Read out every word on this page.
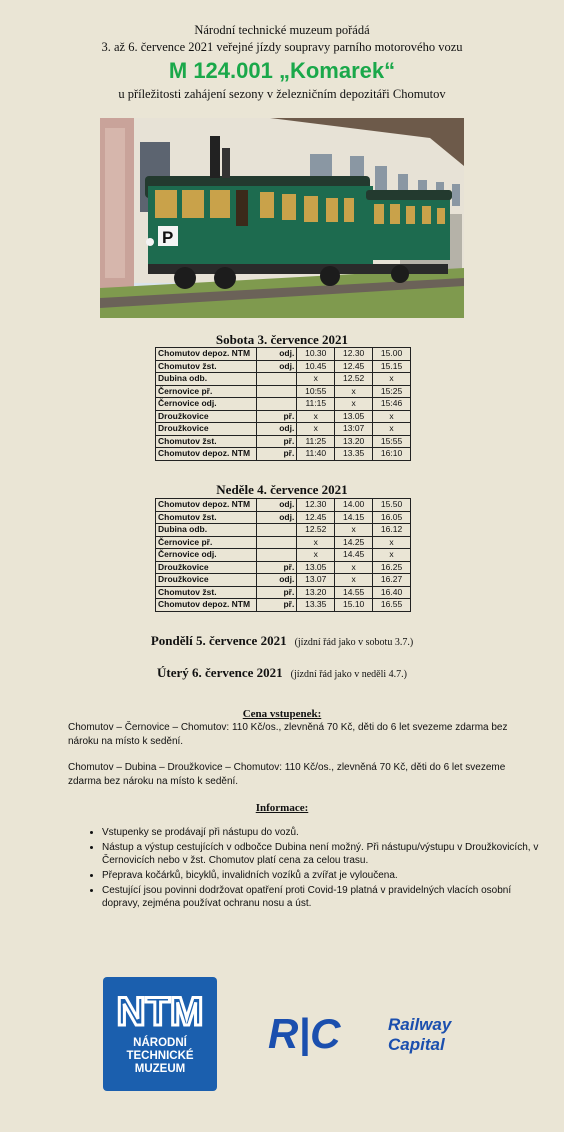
Národní technické muzeum pořádá
3. až 6. července 2021 veřejné jízdy soupravy parního motorového vozu
M 124.001 „Komarek“
u příležitosti zahájení sezony v železničním depozitáři Chomutov
P
Sobota 3. července 2021
Chomutov depoz. NTM	odj.	10.30	12.30	15.00
Chomutov žst.	odj.	10.45	12.45	15.15
Dubina odb.		x	12.52	x
Černovice př.		10:55	x	15:25
Černovice odj.		11:15	x	15:46
Droužkovice	př.	x	13.05	x
Droužkovice	odj.	x	13:07	x
Chomutov žst.	př.	11:25	13.20	15:55
Chomutov depoz. NTM	př.	11:40	13.35	16:10
Neděle 4. července 2021
Chomutov depoz. NTM	odj.	12.30	14.00	15.50
Chomutov žst.	odj.	12.45	14.15	16.05
Dubina odb.		12.52	x	16.12
Černovice př.		x	14.25	x
Černovice odj.		x	14.45	x
Droužkovice	př.	13.05	x	16.25
Droužkovice	odj.	13.07	x	16.27
Chomutov žst.	př.	13.20	14.55	16.40
Chomutov depoz. NTM	př.	13.35	15.10	16.55
Pondělí 5. července 2021 (jízdní řád jako v sobotu 3.7.)
Úterý 6. července 2021 (jízdní řád jako v neděli 4.7.)
Cena vstupenek:
Chomutov – Černovice – Chomutov: 110 Kč/os., zlevněná 70 Kč, děti do 6 let svezeme zdarma bez nároku na místo k sedění.
Chomutov – Dubina – Droužkovice – Chomutov: 110 Kč/os., zlevněná 70 Kč, děti do 6 let svezeme zdarma bez nároku na místo k sedění.
Informace:
• Vstupenky se prodávají při nástupu do vozů.
• Nástup a výstup cestujících v odbočce Dubina není možný. Při nástupu/výstupu v Droužkovicích, v Černovicích nebo v žst. Chomutov platí cena za celou trasu.
• Přeprava kočárků, bicyklů, invalidních vozíků a zvířat je vyloučena.
• Cestující jsou povinni dodržovat opatření proti Covid-19 platná v pravidelných vlacích osobní dopravy, zejména používat ochranu nosu a úst.
NTM
NÁRODNÍ
TECHNICKÉ
MUZEUM
R|C	Railway
Capital
